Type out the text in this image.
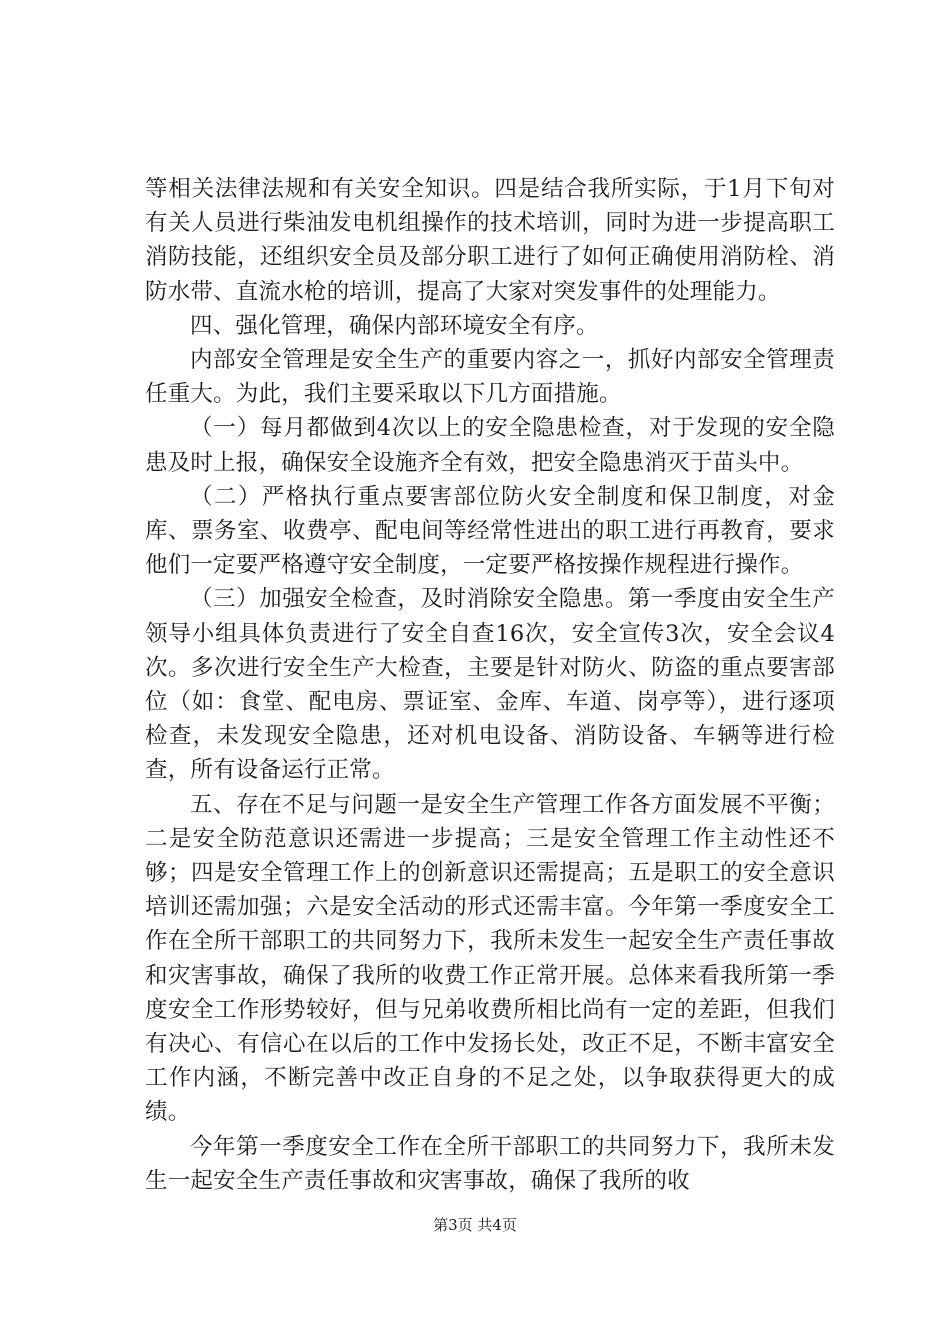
等相关法律法规和有关安全知识。四是结合我所实际，于1月下旬对有关人员进行柴油发电机组操作的技术培训，同时为进一步提高职工消防技能，还组织安全员及部分职工进行了如何正确使用消防栓、消防水带、直流水枪的培训，提高了大家对突发事件的处理能力。

四、强化管理，确保内部环境安全有序。

内部安全管理是安全生产的重要内容之一，抓好内部安全管理责任重大。为此，我们主要采取以下几方面措施。

（一）每月都做到4次以上的安全隐患检查，对于发现的安全隐患及时上报，确保安全设施齐全有效，把安全隐患消灭于苗头中。

（二）严格执行重点要害部位防火安全制度和保卫制度，对金库、票务室、收费亭、配电间等经常性进出的职工进行再教育，要求他们一定要严格遵守安全制度，一定要严格按操作规程进行操作。

（三）加强安全检查，及时消除安全隐患。第一季度由安全生产领导小组具体负责进行了安全自查16次，安全宣传3次，安全会议4次。多次进行安全生产大检查，主要是针对防火、防盗的重点要害部位（如：食堂、配电房、票证室、金库、车道、岗亭等），进行逐项检查，未发现安全隐患，还对机电设备、消防设备、车辆等进行检查，所有设备运行正常。

五、存在不足与问题一是安全生产管理工作各方面发展不平衡；二是安全防范意识还需进一步提高；三是安全管理工作主动性还不够；四是安全管理工作上的创新意识还需提高；五是职工的安全意识培训还需加强；六是安全活动的形式还需丰富。今年第一季度安全工作在全所干部职工的共同努力下，我所未发生一起安全生产责任事故和灾害事故，确保了我所的收费工作正常开展。总体来看我所第一季度安全工作形势较好，但与兄弟收费所相比尚有一定的差距，但我们有决心、有信心在以后的工作中发扬长处，改正不足，不断丰富安全工作内涵，不断完善中改正自身的不足之处，以争取获得更大的成绩。

今年第一季度安全工作在全所干部职工的共同努力下，我所未发生一起安全生产责任事故和灾害事故，确保了我所的收

第3页 共4页
